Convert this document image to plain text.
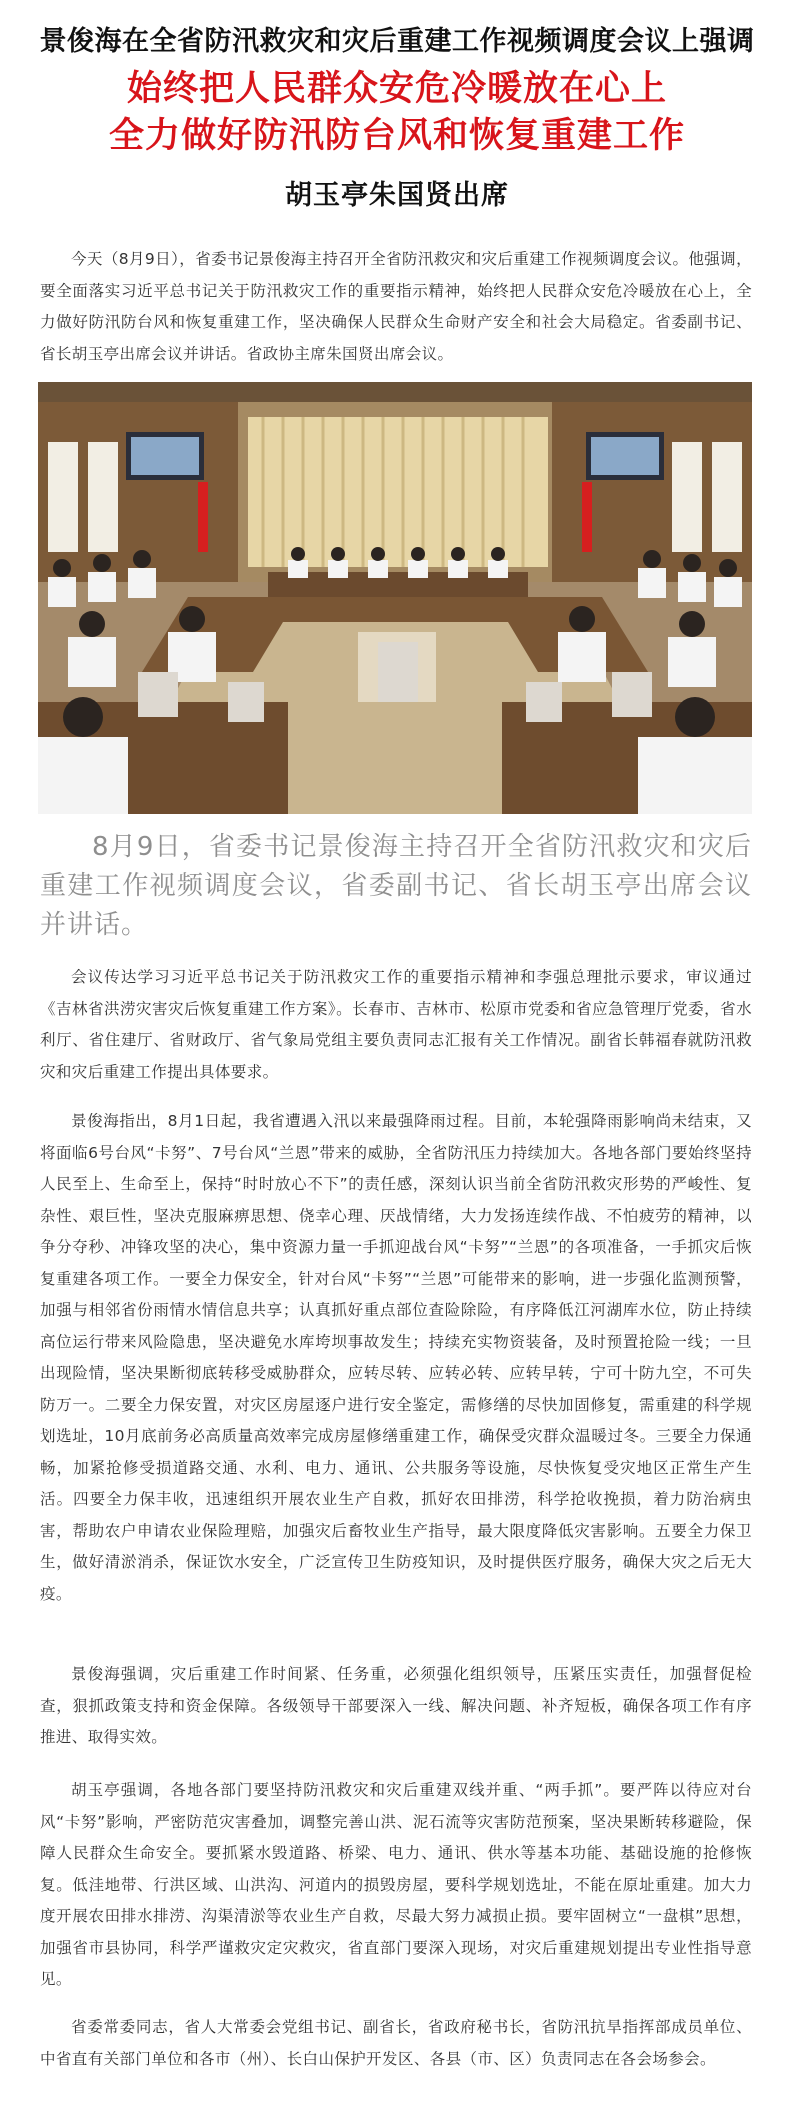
景俊海在全省防汛救灾和灾后重建工作视频调度会议上强调
始终把人民群众安危冷暖放在心上
全力做好防汛防台风和恢复重建工作
胡玉亭朱国贤出席

今天（8月9日），省委书记景俊海主持召开全省防汛救灾和灾后重建工作视频调度会议。他强调，要全面落实习近平总书记关于防汛救灾工作的重要指示精神，始终把人民群众安危冷暖放在心上，全力做好防汛防台风和恢复重建工作，坚决确保人民群众生命财产安全和社会大局稳定。省委副书记、省长胡玉亭出席会议并讲话。省政协主席朱国贤出席会议。

8月9日，省委书记景俊海主持召开全省防汛救灾和灾后重建工作视频调度会议，省委副书记、省长胡玉亭出席会议并讲话。

会议传达学习习近平总书记关于防汛救灾工作的重要指示精神和李强总理批示要求，审议通过《吉林省洪涝灾害灾后恢复重建工作方案》。长春市、吉林市、松原市党委和省应急管理厅党委，省水利厅、省住建厅、省财政厅、省气象局党组主要负责同志汇报有关工作情况。副省长韩福春就防汛救灾和灾后重建工作提出具体要求。

景俊海指出，8月1日起，我省遭遇入汛以来最强降雨过程。目前，本轮强降雨影响尚未结束，又将面临6号台风“卡努”、7号台风“兰恩”带来的威胁，全省防汛压力持续加大。各地各部门要始终坚持人民至上、生命至上，保持“时时放心不下”的责任感，深刻认识当前全省防汛救灾形势的严峻性、复杂性、艰巨性，坚决克服麻痹思想、侥幸心理、厌战情绪，大力发扬连续作战、不怕疲劳的精神，以争分夺秒、冲锋攻坚的决心，集中资源力量一手抓迎战台风“卡努”“兰恩”的各项准备，一手抓灾后恢复重建各项工作。一要全力保安全，针对台风“卡努”“兰恩”可能带来的影响，进一步强化监测预警，加强与相邻省份雨情水情信息共享；认真抓好重点部位查险除险，有序降低江河湖库水位，防止持续高位运行带来风险隐患，坚决避免水库垮坝事故发生；持续充实物资装备，及时预置抢险一线；一旦出现险情，坚决果断彻底转移受威胁群众，应转尽转、应转必转、应转早转，宁可十防九空，不可失防万一。二要全力保安置，对灾区房屋逐户进行安全鉴定，需修缮的尽快加固修复，需重建的科学规划选址，10月底前务必高质量高效率完成房屋修缮重建工作，确保受灾群众温暖过冬。三要全力保通畅，加紧抢修受损道路交通、水利、电力、通讯、公共服务等设施，尽快恢复受灾地区正常生产生活。四要全力保丰收，迅速组织开展农业生产自救，抓好农田排涝，科学抢收挽损，着力防治病虫害，帮助农户申请农业保险理赔，加强灾后畜牧业生产指导，最大限度降低灾害影响。五要全力保卫生，做好清淤消杀，保证饮水安全，广泛宣传卫生防疫知识，及时提供医疗服务，确保大灾之后无大疫。

景俊海强调，灾后重建工作时间紧、任务重，必须强化组织领导，压紧压实责任，加强督促检查，狠抓政策支持和资金保障。各级领导干部要深入一线、解决问题、补齐短板，确保各项工作有序推进、取得实效。

胡玉亭强调，各地各部门要坚持防汛救灾和灾后重建双线并重、“两手抓”。要严阵以待应对台风“卡努”影响，严密防范灾害叠加，调整完善山洪、泥石流等灾害防范预案，坚决果断转移避险，保障人民群众生命安全。要抓紧水毁道路、桥梁、电力、通讯、供水等基本功能、基础设施的抢修恢复。低洼地带、行洪区域、山洪沟、河道内的损毁房屋，要科学规划选址，不能在原址重建。加大力度开展农田排水排涝、沟渠清淤等农业生产自救，尽最大努力减损止损。要牢固树立“一盘棋”思想，加强省市县协同，科学严谨救灾定灾救灾，省直部门要深入现场，对灾后重建规划提出专业性指导意见。

省委常委同志，省人大常委会党组书记、副省长，省政府秘书长，省防汛抗旱指挥部成员单位、中省直有关部门单位和各市（州）、长白山保护开发区、各县（市、区）负责同志在各会场参会。
